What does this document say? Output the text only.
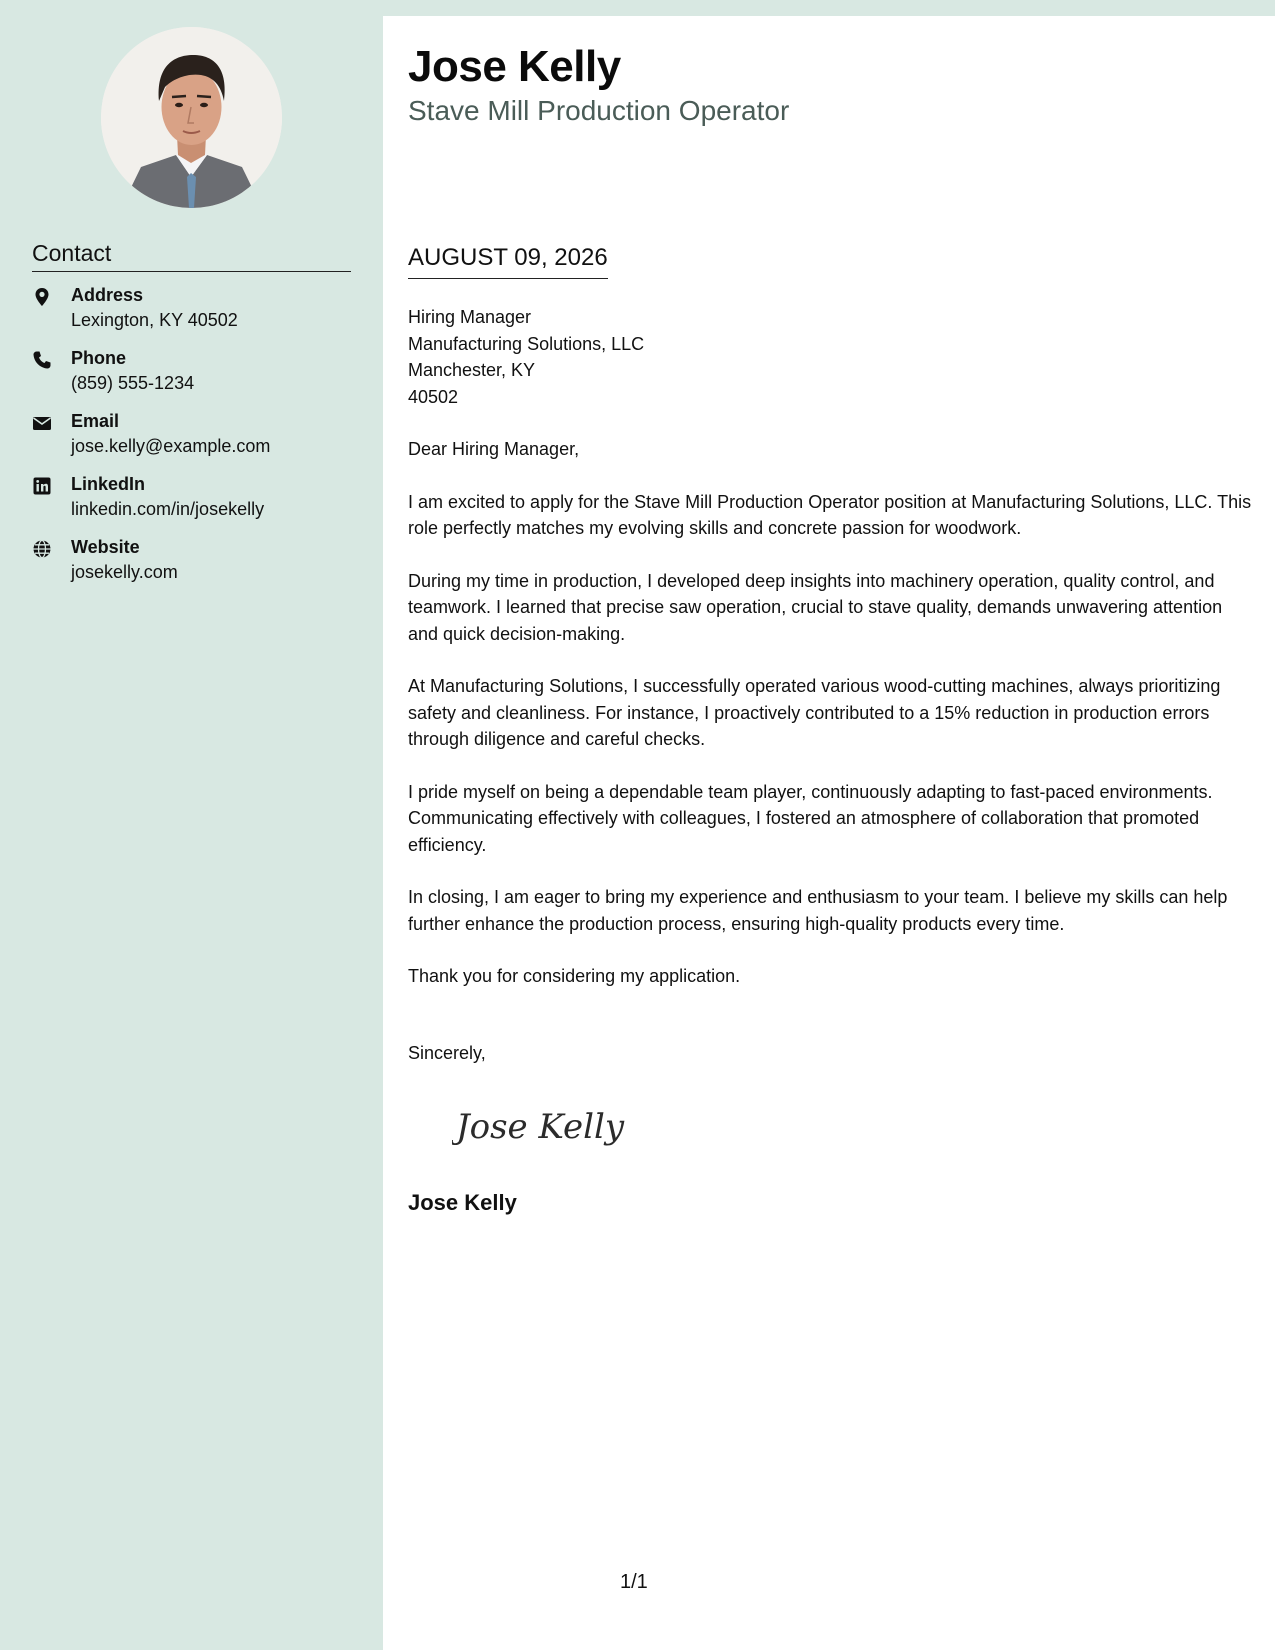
Contact
Address
Lexington, KY 40502
Phone
(859) 555-1234
Email
jose.kelly@example.com
LinkedIn
linkedin.com/in/josekelly
Website
josekelly.com
Jose Kelly
Stave Mill Production Operator
AUGUST 09, 2026
Hiring Manager
Manufacturing Solutions, LLC
Manchester, KY
40502

Dear Hiring Manager,

I am excited to apply for the Stave Mill Production Operator position at Manufacturing Solutions, LLC. This role perfectly matches my evolving skills and concrete passion for woodwork.

During my time in production, I developed deep insights into machinery operation, quality control, and teamwork. I learned that precise saw operation, crucial to stave quality, demands unwavering attention and quick decision-making.

At Manufacturing Solutions, I successfully operated various wood-cutting machines, always prioritizing safety and cleanliness. For instance, I proactively contributed to a 15% reduction in production errors through diligence and careful checks.

I pride myself on being a dependable team player, continuously adapting to fast-paced environments. Communicating effectively with colleagues, I fostered an atmosphere of collaboration that promoted efficiency.

In closing, I am eager to bring my experience and enthusiasm to your team. I believe my skills can help further enhance the production process, ensuring high-quality products every time.

Thank you for considering my application.

Sincerely,
Jose Kelly
Jose Kelly
1/1
